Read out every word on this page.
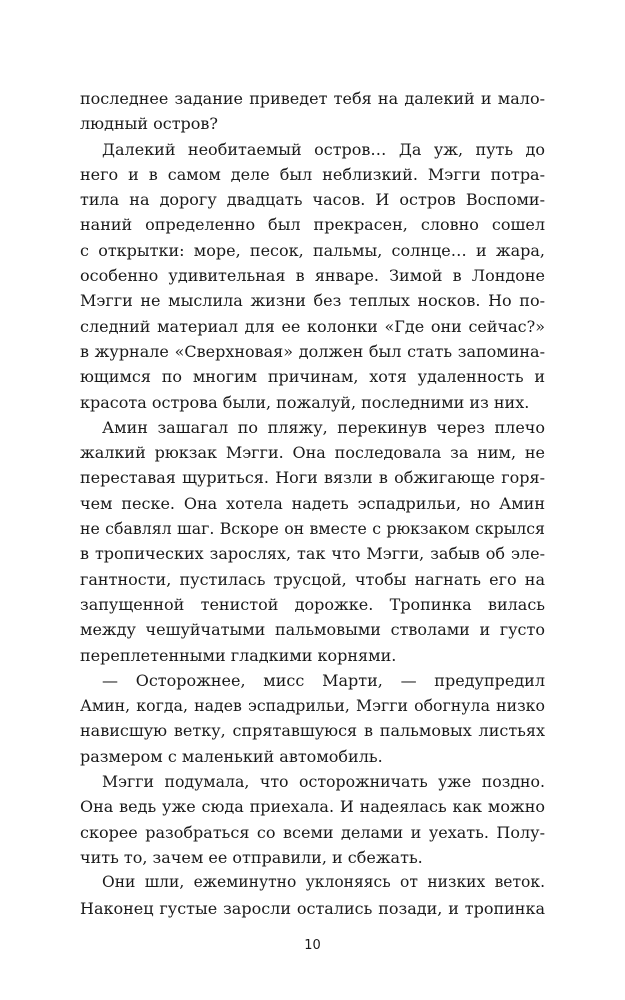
последнее задание приведет тебя на далекий и мало-
людный остров?
Далекий необитаемый остров… Да уж, путь до
него и в самом деле был неблизкий. Мэгги потра-
тила на дорогу двадцать часов. И остров Воспоми-
наний определенно был прекрасен, словно сошел
с открытки: море, песок, пальмы, солнце… и жара,
особенно удивительная в январе. Зимой в Лондоне
Мэгги не мыслила жизни без теплых носков. Но по-
следний материал для ее колонки «Где они сейчас?»
в журнале «Сверхновая» должен был стать запомина-
ющимся по многим причинам, хотя удаленность и
красота острова были, пожалуй, последними из них.
Амин зашагал по пляжу, перекинув через плечо
жалкий рюкзак Мэгги. Она последовала за ним, не
переставая щуриться. Ноги вязли в обжигающе горя-
чем песке. Она хотела надеть эспадрильи, но Амин
не сбавлял шаг. Вскоре он вместе с рюкзаком скрылся
в тропических зарослях, так что Мэгги, забыв об эле-
гантности, пустилась трусцой, чтобы нагнать его на
запущенной тенистой дорожке. Тропинка вилась
между чешуйчатыми пальмовыми стволами и густо
переплетенными гладкими корнями.
— Осторожнее, мисс Марти, — предупредил
Амин, когда, надев эспадрильи, Мэгги обогнула низко
нависшую ветку, спрятавшуюся в пальмовых листьях
размером с маленький автомобиль.
Мэгги подумала, что осторожничать уже поздно.
Она ведь уже сюда приехала. И надеялась как можно
скорее разобраться со всеми делами и уехать. Полу-
чить то, зачем ее отправили, и сбежать.
Они шли, ежеминутно уклоняясь от низких веток.
Наконец густые заросли остались позади, и тропинка
10
